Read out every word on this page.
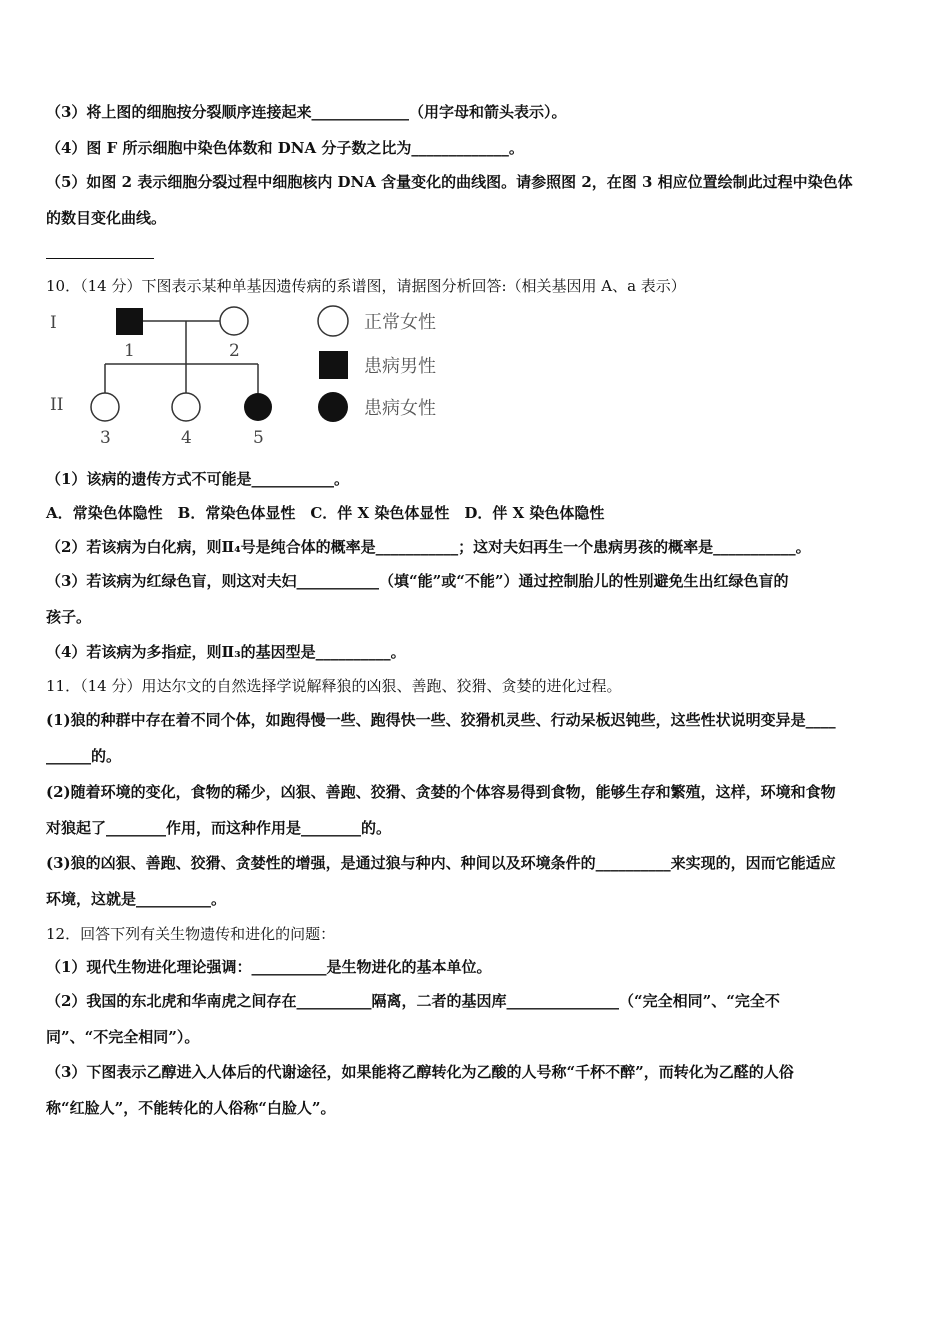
（3）将上图的细胞按分裂顺序连接起来_____________（用字母和箭头表示）。
（4）图 F 所示细胞中染色体数和 DNA 分子数之比为_____________。
（5）如图 2 表示细胞分裂过程中细胞核内 DNA 含量变化的曲线图。请参照图 2，在图 3 相应位置绘制此过程中染色体
的数目变化曲线。
10．（14 分）下图表示某种单基因遗传病的系谱图，请据图分析回答:（相关基因用 A、a 表示）
I
II
1	2
3	4	5
正常女性
患病男性
患病女性
（1）该病的遗传方式不可能是___________。
A．常染色体隐性　B．常染色体显性　C．伴 X 染色体显性　D．伴 X 染色体隐性
（2）若该病为白化病，则Ⅱ₄号是纯合体的概率是___________；这对夫妇再生一个患病男孩的概率是___________。
（3）若该病为红绿色盲，则这对夫妇___________（填“能”或“不能”）通过控制胎儿的性别避免生出红绿色盲的
孩子。
（4）若该病为多指症，则Ⅱ₃的基因型是__________。
11．（14 分）用达尔文的自然选择学说解释狼的凶狠、善跑、狡猾、贪婪的进化过程。
(1)狼的种群中存在着不同个体，如跑得慢一些、跑得快一些、狡猾机灵些、行动呆板迟钝些，这些性状说明变异是____
______的。
(2)随着环境的变化，食物的稀少，凶狠、善跑、狡猾、贪婪的个体容易得到食物，能够生存和繁殖，这样，环境和食物
对狼起了________作用，而这种作用是________的。
(3)狼的凶狠、善跑、狡猾、贪婪性的增强，是通过狼与种内、种间以及环境条件的__________来实现的，因而它能适应
环境，这就是__________。
12．回答下列有关生物遗传和进化的问题：
（1）现代生物进化理论强调：__________是生物进化的基本单位。
（2）我国的东北虎和华南虎之间存在__________隔离，二者的基因库_______________（“完全相同”、“完全不
同”、“不完全相同”）。
（3）下图表示乙醇进入人体后的代谢途径，如果能将乙醇转化为乙酸的人号称“千杯不醉”，而转化为乙醛的人俗
称“红脸人”，不能转化的人俗称“白脸人”。
